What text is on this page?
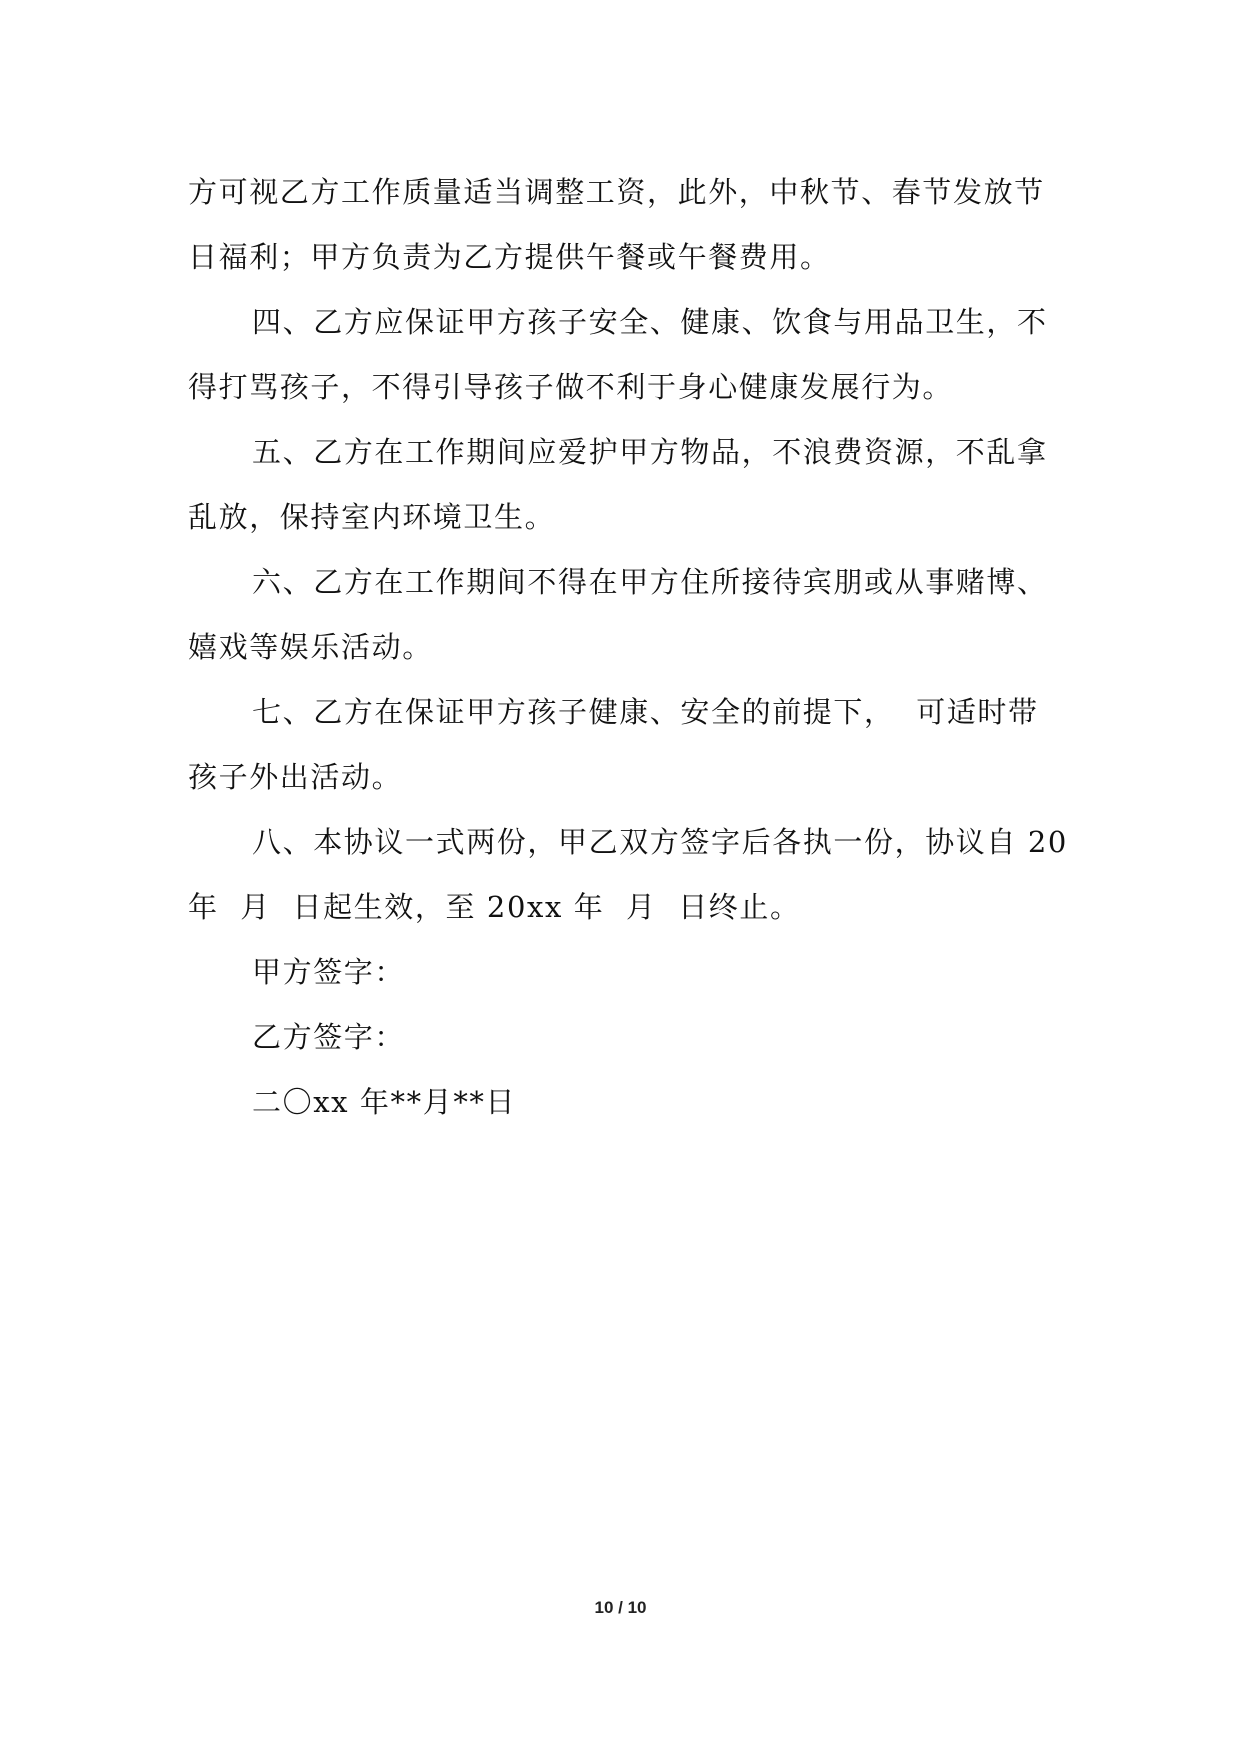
方可视乙方工作质量适当调整工资，此外，中秋节、春节发放节
日福利；甲方负责为乙方提供午餐或午餐费用。
四、乙方应保证甲方孩子安全、健康、饮食与用品卫生，不
得打骂孩子，不得引导孩子做不利于身心健康发展行为。
五、乙方在工作期间应爱护甲方物品，不浪费资源，不乱拿
乱放，保持室内环境卫生。
六、乙方在工作期间不得在甲方住所接待宾朋或从事赌博、
嬉戏等娱乐活动。
七、乙方在保证甲方孩子健康、安全的前提下，  可适时带
孩子外出活动。
八、本协议一式两份，甲乙双方签字后各执一份，协议自 20
年  月  日起生效，至 20xx 年  月  日终止。
甲方签字：
乙方签字：
二〇xx 年**月**日
10 / 10
